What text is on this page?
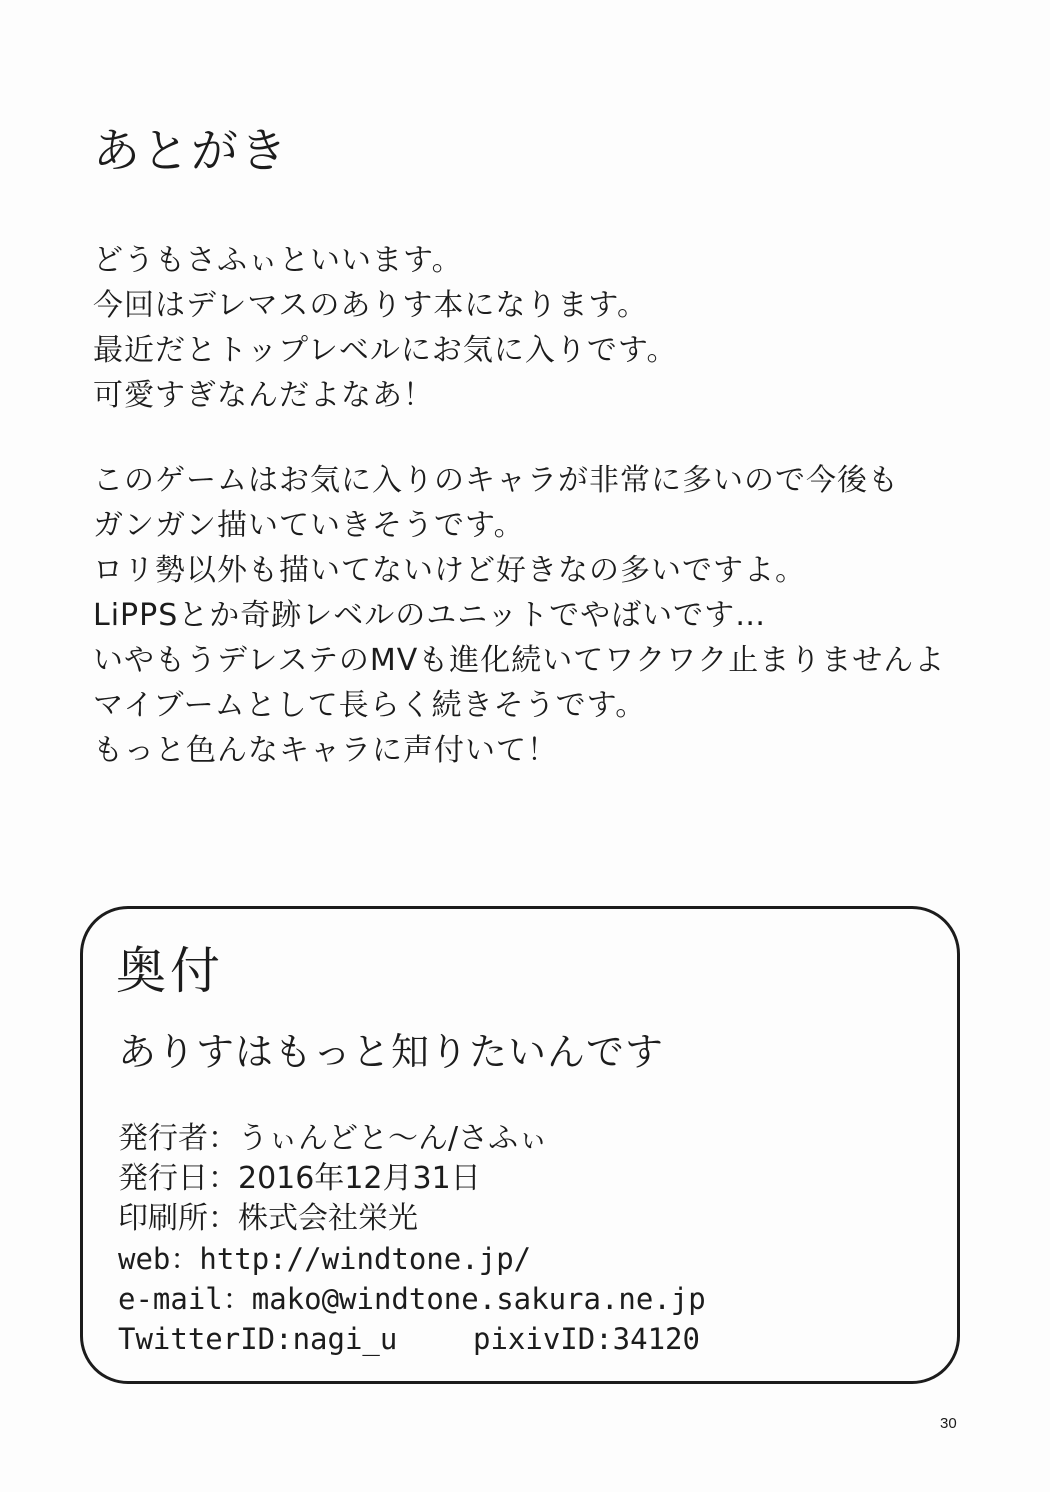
あとがき
どうもさふぃといいます。
今回はデレマスのありす本になります。
最近だとトップレベルにお気に入りです。
可愛すぎなんだよなあ！
このゲームはお気に入りのキャラが非常に多いので今後も
ガンガン描いていきそうです。
ロリ勢以外も描いてないけど好きなの多いですよ。
LiPPSとか奇跡レベルのユニットでやばいです…
いやもうデレステのMVも進化続いてワクワク止まりませんよ
マイブームとして長らく続きそうです。
もっと色んなキャラに声付いて！
奥付
ありすはもっと知りたいんです
発行者：うぃんどと～ん/さふぃ
発行日：2016年12月31日
印刷所：株式会社栄光
web：http://windtone.jp/
e-mail：mako@windtone.sakura.ne.jp
TwitterID:nagi_u	pixivID:34120
30
